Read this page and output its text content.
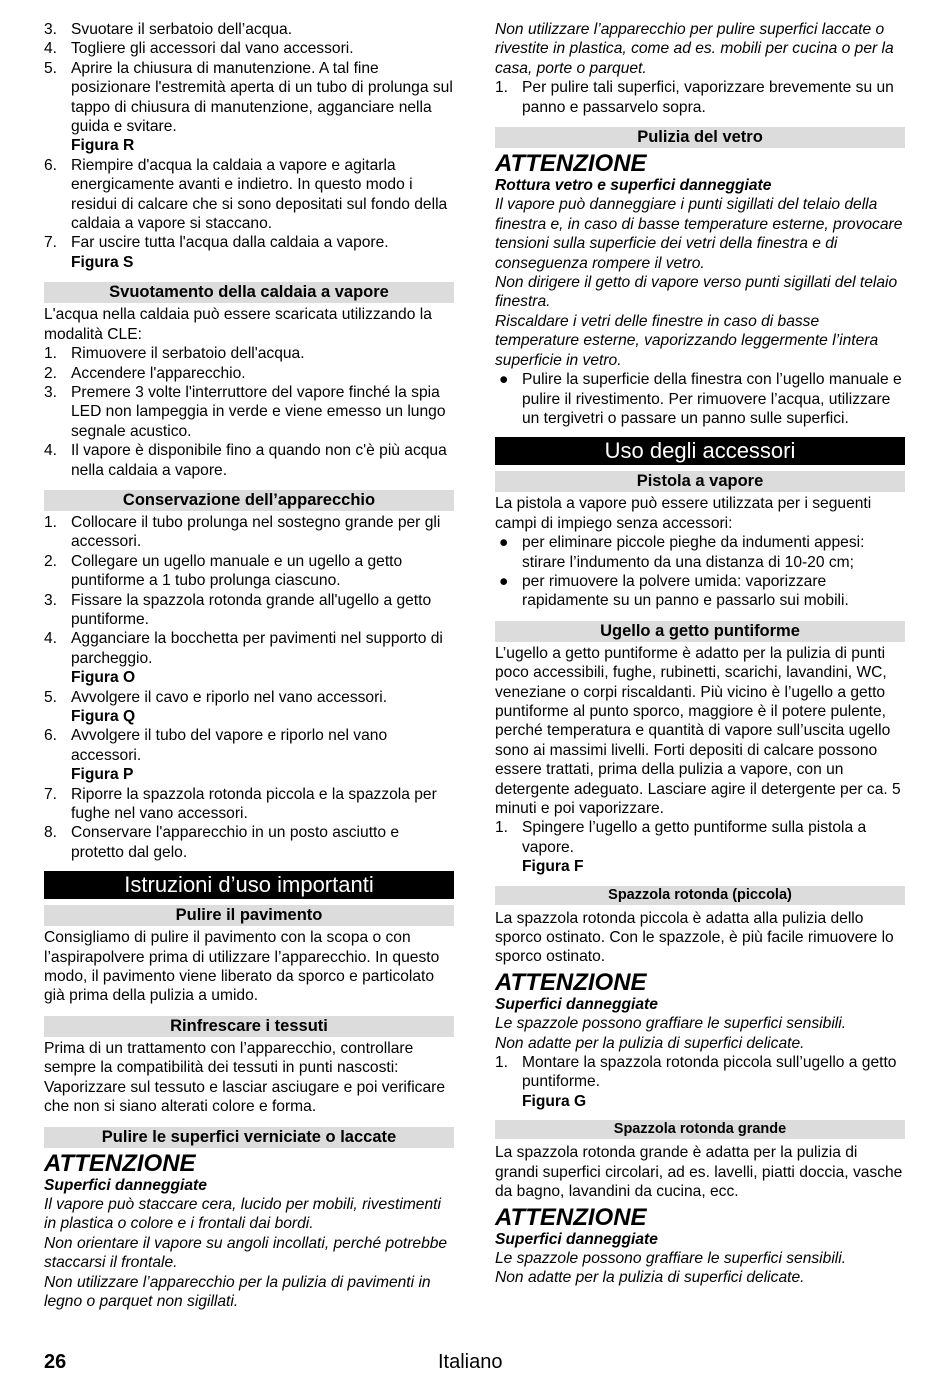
3. Svuotare il serbatoio dell’acqua.
4. Togliere gli accessori dal vano accessori.
5. Aprire la chiusura di manutenzione. A tal fine posizionare l'estremità aperta di un tubo di prolunga sul tappo di chiusura di manutenzione, agganciare nella guida e svitare.
Figura R
6. Riempire d'acqua la caldaia a vapore e agitarla energicamente avanti e indietro. In questo modo i residui di calcare che si sono depositati sul fondo della caldaia a vapore si staccano.
7. Far uscire tutta l'acqua dalla caldaia a vapore.
Figura S
Svuotamento della caldaia a vapore

L'acqua nella caldaia può essere scaricata utilizzando la modalità CLE:

1. Rimuovere il serbatoio dell'acqua.
2. Accendere l'apparecchio.
3. Premere 3 volte l'interruttore del vapore finché la spia LED non lampeggia in verde e viene emesso un lungo segnale acustico.
4. Il vapore è disponibile fino a quando non c'è più acqua nella caldaia a vapore.
Conservazione dell’apparecchio
1. Collocare il tubo prolunga nel sostegno grande per gli accessori.
2. Collegare un ugello manuale e un ugello a getto puntiforme a 1 tubo prolunga ciascuno.
3. Fissare la spazzola rotonda grande all'ugello a getto puntiforme.
4. Agganciare la bocchetta per pavimenti nel supporto di parcheggio.
Figura O
5. Avvolgere il cavo e riporlo nel vano accessori.
Figura Q
6. Avvolgere il tubo del vapore e riporlo nel vano accessori.
Figura P
7. Riporre la spazzola rotonda piccola e la spazzola per fughe nel vano accessori.
8. Conservare l'apparecchio in un posto asciutto e protetto dal gelo.
Istruzioni d’uso importanti
Pulire il pavimento

Consigliamo di pulire il pavimento con la scopa o con l’aspirapolvere prima di utilizzare l’apparecchio. In questo modo, il pavimento viene liberato da sporco e particolato già prima della pulizia a umido.

Rinfrescare i tessuti

Prima di un trattamento con l’apparecchio, controllare sempre la compatibilità dei tessuti in punti nascosti: Vaporizzare sul tessuto e lasciar asciugare e poi verificare che non si siano alterati colore e forma.

Pulire le superfici verniciate o laccate
ATTENZIONE
Superfici danneggiate

Il vapore può staccare cera, lucido per mobili, rivestimenti in plastica o colore e i frontali dai bordi.

Non orientare il vapore su angoli incollati, perché potrebbe staccarsi il frontale.

Non utilizzare l’apparecchio per la pulizia di pavimenti in legno o parquet non sigillati.

Non utilizzare l’apparecchio per pulire superfici laccate o rivestite in plastica, come ad es. mobili per cucina o per la casa, porte o parquet.

1. Per pulire tali superfici, vaporizzare brevemente su un panno e passarvelo sopra.
Pulizia del vetro
ATTENZIONE
Rottura vetro e superfici danneggiate

Il vapore può danneggiare i punti sigillati del telaio della finestra e, in caso di basse temperature esterne, provocare tensioni sulla superficie dei vetri della finestra e di conseguenza rompere il vetro.

Non dirigere il getto di vapore verso punti sigillati del telaio finestra.

Riscaldare i vetri delle finestre in caso di basse temperature esterne, vaporizzando leggermente l’intera superficie in vetro.

● Pulire la superficie della finestra con l’ugello manuale e pulire il rivestimento. Per rimuovere l’acqua, utilizzare un tergivetri o passare un panno sulle superfici.
Uso degli accessori
Pistola a vapore

La pistola a vapore può essere utilizzata per i seguenti campi di impiego senza accessori:

● per eliminare piccole pieghe da indumenti appesi: stirare l’indumento da una distanza di 10-20 cm;
● per rimuovere la polvere umida: vaporizzare rapidamente su un panno e passarlo sui mobili.
Ugello a getto puntiforme

L’ugello a getto puntiforme è adatto per la pulizia di punti poco accessibili, fughe, rubinetti, scarichi, lavandini, WC, veneziane o corpi riscaldanti. Più vicino è l’ugello a getto puntiforme al punto sporco, maggiore è il potere pulente, perché temperatura e quantità di vapore sull’uscita ugello sono ai massimi livelli. Forti depositi di calcare possono essere trattati, prima della pulizia a vapore, con un detergente adeguato. Lasciare agire il detergente per ca. 5 minuti e poi vaporizzare.

1. Spingere l’ugello a getto puntiforme sulla pistola a vapore.
Figura F
Spazzola rotonda (piccola)

La spazzola rotonda piccola è adatta alla pulizia dello sporco ostinato. Con le spazzole, è più facile rimuovere lo sporco ostinato.

ATTENZIONE
Superfici danneggiate

Le spazzole possono graffiare le superfici sensibili.

Non adatte per la pulizia di superfici delicate.

1. Montare la spazzola rotonda piccola sull’ugello a getto puntiforme.
Figura G
Spazzola rotonda grande

La spazzola rotonda grande è adatta per la pulizia di grandi superfici circolari, ad es. lavelli, piatti doccia, vasche da bagno, lavandini da cucina, ecc.

ATTENZIONE
Superfici danneggiate

Le spazzole possono graffiare le superfici sensibili.

Non adatte per la pulizia di superfici delicate.

26	Italiano
